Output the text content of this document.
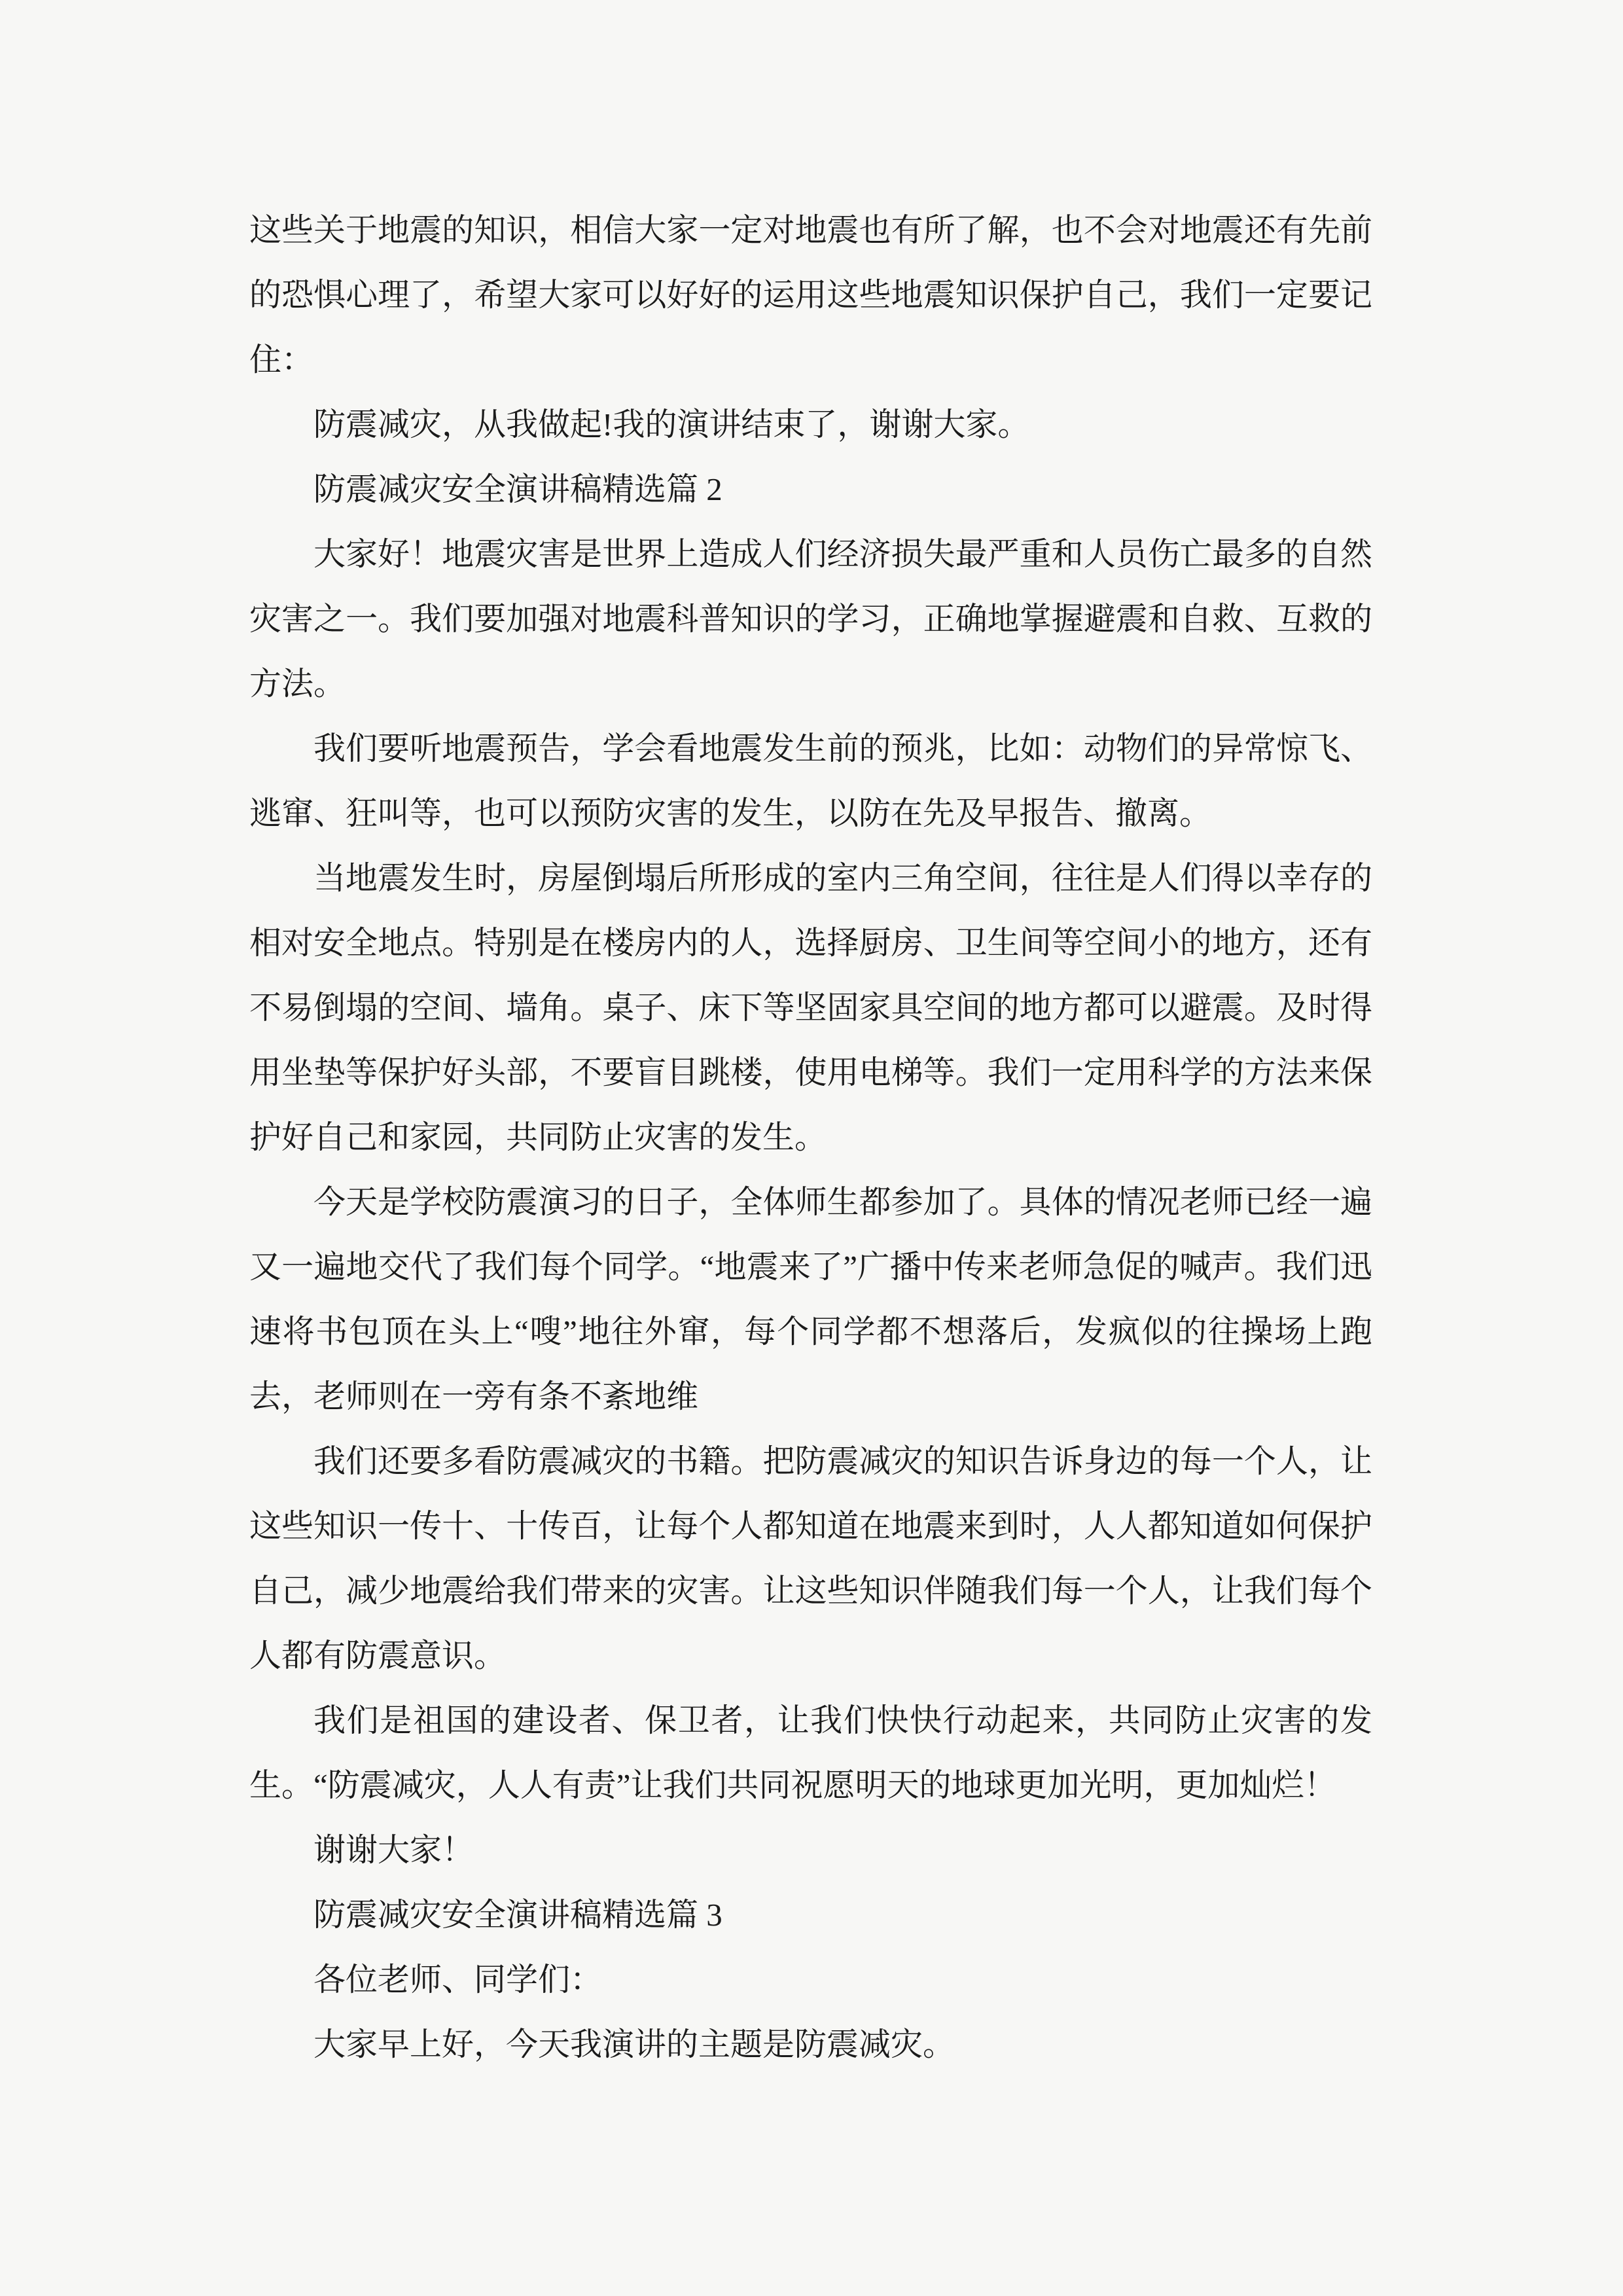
这些关于地震的知识，相信大家一定对地震也有所了解，也不会对地震还有先前的恐惧心理了，希望大家可以好好的运用这些地震知识保护自己，我们一定要记住：

防震减灾，从我做起!我的演讲结束了，谢谢大家。

防震减灾安全演讲稿精选篇 2

大家好！地震灾害是世界上造成人们经济损失最严重和人员伤亡最多的自然灾害之一。我们要加强对地震科普知识的学习，正确地掌握避震和自救、互救的方法。

我们要听地震预告，学会看地震发生前的预兆，比如：动物们的异常惊飞、逃窜、狂叫等，也可以预防灾害的发生，以防在先及早报告、撤离。

当地震发生时，房屋倒塌后所形成的室内三角空间，往往是人们得以幸存的相对安全地点。特别是在楼房内的人，选择厨房、卫生间等空间小的地方，还有不易倒塌的空间、墙角。桌子、床下等坚固家具空间的地方都可以避震。及时得用坐垫等保护好头部，不要盲目跳楼，使用电梯等。我们一定用科学的方法来保护好自己和家园，共同防止灾害的发生。

今天是学校防震演习的日子，全体师生都参加了。具体的情况老师已经一遍又一遍地交代了我们每个同学。“地震来了”广播中传来老师急促的喊声。我们迅速将书包顶在头上“嗖”地往外窜，每个同学都不想落后，发疯似的往操场上跑去，老师则在一旁有条不紊地维

我们还要多看防震减灾的书籍。把防震减灾的知识告诉身边的每一个人，让这些知识一传十、十传百，让每个人都知道在地震来到时，人人都知道如何保护自己，减少地震给我们带来的灾害。让这些知识伴随我们每一个人，让我们每个人都有防震意识。

我们是祖国的建设者、保卫者，让我们快快行动起来，共同防止灾害的发生。“防震减灾，人人有责”让我们共同祝愿明天的地球更加光明，更加灿烂！

谢谢大家！

防震减灾安全演讲稿精选篇 3

各位老师、同学们：

大家早上好，今天我演讲的主题是防震减灾。
